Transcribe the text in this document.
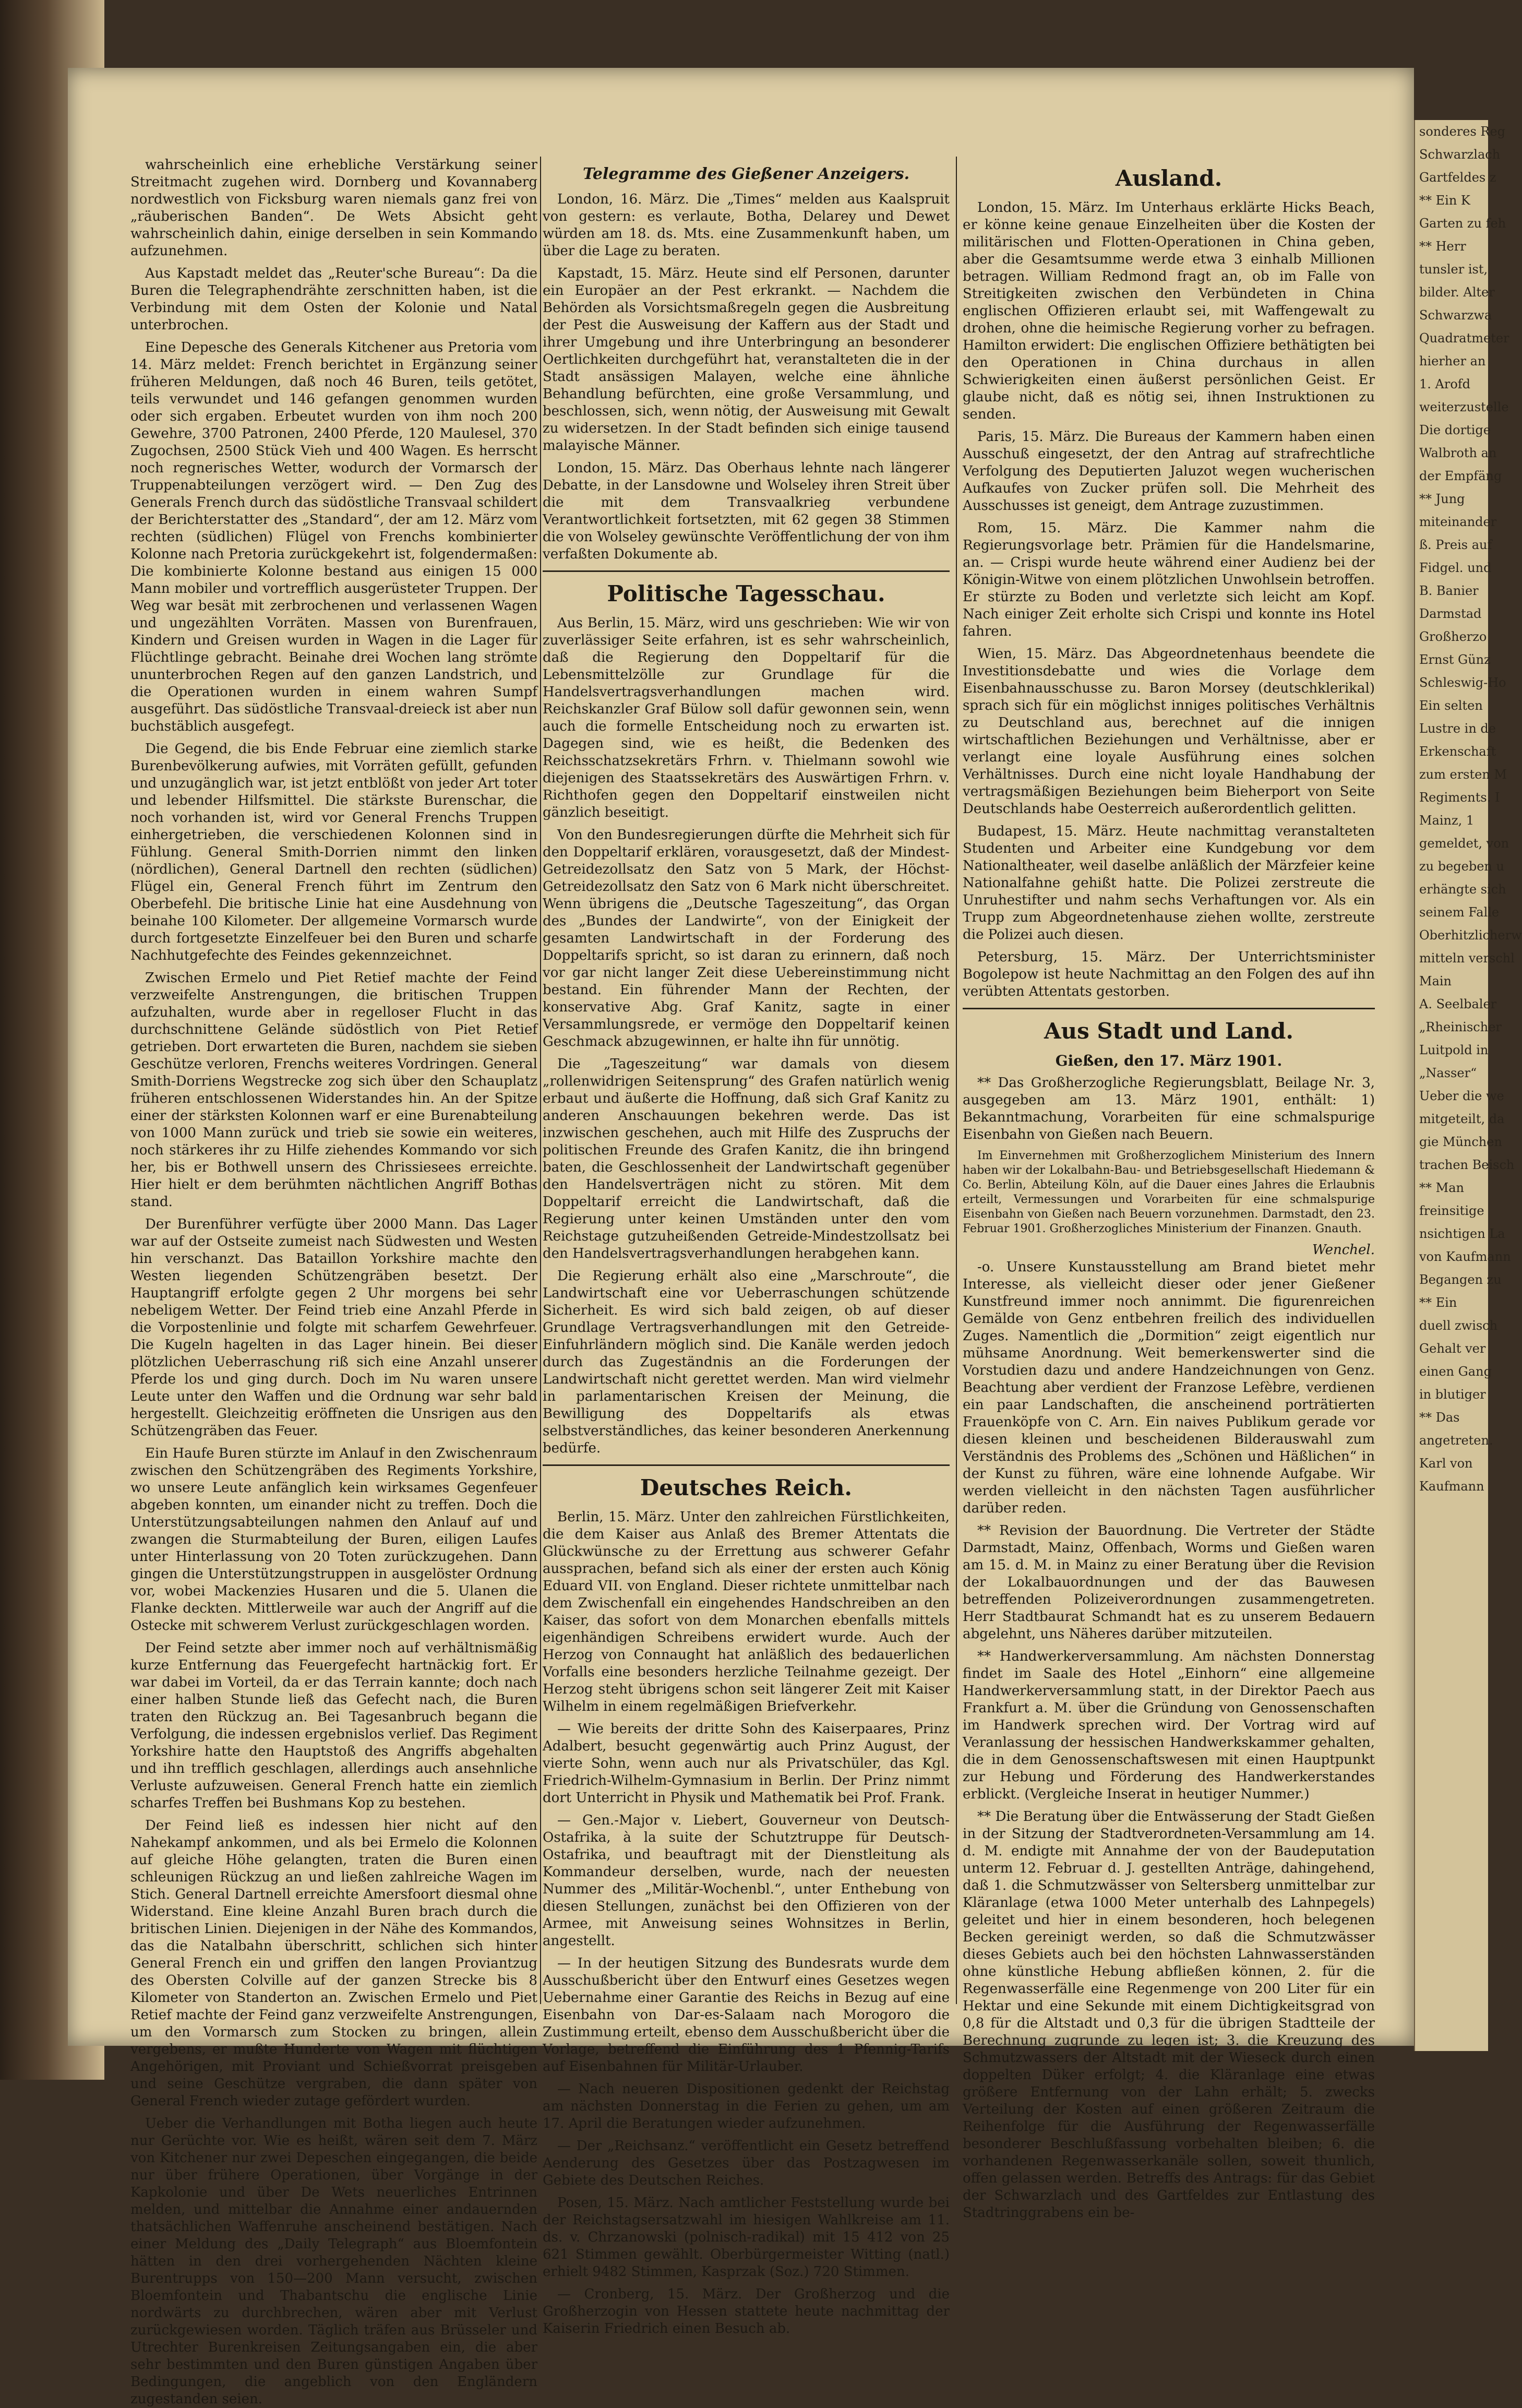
wahrscheinlich eine erhebliche Verstärkung seiner Streitmacht zugehen wird. Dornberg und Kovannaberg nordwestlich von Ficksburg waren niemals ganz frei von „räuberischen Banden“. De Wets Absicht geht wahrscheinlich dahin, einige derselben in sein Kommando aufzunehmen.

Aus Kapstadt meldet das „Reuter'sche Bureau“: Da die Buren die Telegraphendrähte zerschnitten haben, ist die Verbindung mit dem Osten der Kolonie und Natal unterbrochen.

Eine Depesche des Generals Kitchener aus Pretoria vom 14. März meldet: French berichtet in Ergänzung seiner früheren Meldungen, daß noch 46 Buren, teils getötet, teils verwundet und 146 gefangen genommen wurden oder sich ergaben. Erbeutet wurden von ihm noch 200 Gewehre, 3700 Patronen, 2400 Pferde, 120 Maulesel, 370 Zugochsen, 2500 Stück Vieh und 400 Wagen. Es herrscht noch regnerisches Wetter, wodurch der Vormarsch der Truppenabteilungen verzögert wird. — Den Zug des Generals French durch das südöstliche Transvaal schildert der Berichterstatter des „Standard“, der am 12. März vom rechten (südlichen) Flügel von Frenchs kombinierter Kolonne nach Pretoria zurückgekehrt ist, folgendermaßen: Die kombinierte Kolonne bestand aus einigen 15 000 Mann mobiler und vortrefflich ausgerüsteter Truppen. Der Weg war besät mit zerbrochenen und verlassenen Wagen und ungezählten Vorräten. Massen von Burenfrauen, Kindern und Greisen wurden in Wagen in die Lager für Flüchtlinge gebracht. Beinahe drei Wochen lang strömte ununterbrochen Regen auf den ganzen Landstrich, und die Operationen wurden in einem wahren Sumpf ausgeführt. Das südöstliche Transvaal-dreieck ist aber nun buchstäblich ausgefegt.

Die Gegend, die bis Ende Februar eine ziemlich starke Burenbevölkerung aufwies, mit Vorräten gefüllt, gefunden und unzugänglich war, ist jetzt entblößt von jeder Art toter und lebender Hilfsmittel. Die stärkste Burenschar, die noch vorhanden ist, wird vor General Frenchs Truppen einhergetrieben, die verschiedenen Kolonnen sind in Fühlung. General Smith-Dorrien nimmt den linken (nördlichen), General Dartnell den rechten (südlichen) Flügel ein, General French führt im Zentrum den Oberbefehl. Die britische Linie hat eine Ausdehnung von beinahe 100 Kilometer. Der allgemeine Vormarsch wurde durch fortgesetzte Einzelfeuer bei den Buren und scharfe Nachhutgefechte des Feindes gekennzeichnet.

Zwischen Ermelo und Piet Retief machte der Feind verzweifelte Anstrengungen, die britischen Truppen aufzuhalten, wurde aber in regelloser Flucht in das durchschnittene Gelände südöstlich von Piet Retief getrieben. Dort erwarteten die Buren, nachdem sie sieben Geschütze verloren, Frenchs weiteres Vordringen. General Smith-Dorriens Wegstrecke zog sich über den Schauplatz früheren entschlossenen Widerstandes hin. An der Spitze einer der stärksten Kolonnen warf er eine Burenabteilung von 1000 Mann zurück und trieb sie sowie ein weiteres, noch stärkeres ihr zu Hilfe ziehendes Kommando vor sich her, bis er Bothwell unsern des Chrissiesees erreichte. Hier hielt er dem berühmten nächtlichen Angriff Bothas stand.

Der Burenführer verfügte über 2000 Mann. Das Lager war auf der Ostseite zumeist nach Südwesten und Westen hin verschanzt. Das Bataillon Yorkshire machte den Westen liegenden Schützengräben besetzt. Der Hauptangriff erfolgte gegen 2 Uhr morgens bei sehr nebeligem Wetter. Der Feind trieb eine Anzahl Pferde in die Vorpostenlinie und folgte mit scharfem Gewehrfeuer. Die Kugeln hagelten in das Lager hinein. Bei dieser plötzlichen Ueberraschung riß sich eine Anzahl unserer Pferde los und ging durch. Doch im Nu waren unsere Leute unter den Waffen und die Ordnung war sehr bald hergestellt. Gleichzeitig eröffneten die Unsrigen aus den Schützengräben das Feuer.

Ein Haufe Buren stürzte im Anlauf in den Zwischenraum zwischen den Schützengräben des Regiments Yorkshire, wo unsere Leute anfänglich kein wirksames Gegenfeuer abgeben konnten, um einander nicht zu treffen. Doch die Unterstützungsabteilungen nahmen den Anlauf auf und zwangen die Sturmabteilung der Buren, eiligen Laufes unter Hinterlassung von 20 Toten zurückzugehen. Dann gingen die Unterstützungstruppen in ausgelöster Ordnung vor, wobei Mackenzies Husaren und die 5. Ulanen die Flanke deckten. Mittlerweile war auch der Angriff auf die Ostecke mit schwerem Verlust zurückgeschlagen worden.

Der Feind setzte aber immer noch auf verhältnismäßig kurze Entfernung das Feuergefecht hartnäckig fort. Er war dabei im Vorteil, da er das Terrain kannte; doch nach einer halben Stunde ließ das Gefecht nach, die Buren traten den Rückzug an. Bei Tagesanbruch begann die Verfolgung, die indessen ergebnislos verlief. Das Regiment Yorkshire hatte den Hauptstoß des Angriffs abgehalten und ihn trefflich geschlagen, allerdings auch ansehnliche Verluste aufzuweisen. General French hatte ein ziemlich scharfes Treffen bei Bushmans Kop zu bestehen.

Der Feind ließ es indessen hier nicht auf den Nahekampf ankommen, und als bei Ermelo die Kolonnen auf gleiche Höhe gelangten, traten die Buren einen schleunigen Rückzug an und ließen zahlreiche Wagen im Stich. General Dartnell erreichte Amersfoort diesmal ohne Widerstand. Eine kleine Anzahl Buren brach durch die britischen Linien. Diejenigen in der Nähe des Kommandos, das die Natalbahn überschritt, schlichen sich hinter General French ein und griffen den langen Proviantzug des Obersten Colville auf der ganzen Strecke bis 8 Kilometer von Standerton an. Zwischen Ermelo und Piet Retief machte der Feind ganz verzweifelte Anstrengungen, um den Vormarsch zum Stocken zu bringen, allein vergebens, er mußte Hunderte von Wagen mit flüchtigen Angehörigen, mit Proviant und Schießvorrat preisgeben und seine Geschütze vergraben, die dann später von General French wieder zutage gefördert wurden.

Ueber die Verhandlungen mit Botha liegen auch heute nur Gerüchte vor. Wie es heißt, wären seit dem 7. März von Kitchener nur zwei Depeschen eingegangen, die beide nur über frühere Operationen, über Vorgänge in der Kapkolonie und über De Wets neuerliches Entrinnen melden, und mittelbar die Annahme einer andauernden thatsächlichen Waffenruhe anscheinend bestätigen. Nach einer Meldung des „Daily Telegraph“ aus Bloemfontein hätten in den drei vorhergehenden Nächten kleine Burentrupps von 150—200 Mann versucht, zwischen Bloemfontein und Thabantschu die englische Linie nordwärts zu durchbrechen, wären aber mit Verlust zurückgewiesen worden. Täglich träfen aus Brüsseler und Utrechter Burenkreisen Zeitungsangaben ein, die aber sehr bestimmten und den Buren günstigen Angaben über Bedingungen, die angeblich von den Engländern zugestanden seien.

Telegramme des Gießener Anzeigers.

London, 16. März. Die „Times“ melden aus Kaalspruit von gestern: es verlaute, Botha, Delarey und Dewet würden am 18. ds. Mts. eine Zusammenkunft haben, um über die Lage zu beraten.

Kapstadt, 15. März. Heute sind elf Personen, darunter ein Europäer an der Pest erkrankt. — Nachdem die Behörden als Vorsichtsmaßregeln gegen die Ausbreitung der Pest die Ausweisung der Kaffern aus der Stadt und ihrer Umgebung und ihre Unterbringung an besonderer Oertlichkeiten durchgeführt hat, veranstalteten die in der Stadt ansässigen Malayen, welche eine ähnliche Behandlung befürchten, eine große Versammlung, und beschlossen, sich, wenn nötig, der Ausweisung mit Gewalt zu widersetzen. In der Stadt befinden sich einige tausend malayische Männer.

London, 15. März. Das Oberhaus lehnte nach längerer Debatte, in der Lansdowne und Wolseley ihren Streit über die mit dem Transvaalkrieg verbundene Verantwortlichkeit fortsetzten, mit 62 gegen 38 Stimmen die von Wolseley gewünschte Veröffentlichung der von ihm verfaßten Dokumente ab.

Politische Tagesschau.

Aus Berlin, 15. März, wird uns geschrieben: Wie wir von zuverlässiger Seite erfahren, ist es sehr wahrscheinlich, daß die Regierung den Doppeltarif für die Lebensmittelzölle zur Grundlage für die Handelsvertragsverhandlungen machen wird. Reichskanzler Graf Bülow soll dafür gewonnen sein, wenn auch die formelle Entscheidung noch zu erwarten ist. Dagegen sind, wie es heißt, die Bedenken des Reichsschatzsekretärs Frhrn. v. Thielmann sowohl wie diejenigen des Staatssekretärs des Auswärtigen Frhrn. v. Richthofen gegen den Doppeltarif einstweilen nicht gänzlich beseitigt.

Von den Bundesregierungen dürfte die Mehrheit sich für den Doppeltarif erklären, vorausgesetzt, daß der Mindest-Getreidezollsatz den Satz von 5 Mark, der Höchst-Getreidezollsatz den Satz von 6 Mark nicht überschreitet. Wenn übrigens die „Deutsche Tageszeitung“, das Organ des „Bundes der Landwirte“, von der Einigkeit der gesamten Landwirtschaft in der Forderung des Doppeltarifs spricht, so ist daran zu erinnern, daß noch vor gar nicht langer Zeit diese Uebereinstimmung nicht bestand. Ein führender Mann der Rechten, der konservative Abg. Graf Kanitz, sagte in einer Versammlungsrede, er vermöge den Doppeltarif keinen Geschmack abzugewinnen, er halte ihn für unnötig.

Die „Tageszeitung“ war damals von diesem „rollenwidrigen Seitensprung“ des Grafen natürlich wenig erbaut und äußerte die Hoffnung, daß sich Graf Kanitz zu anderen Anschauungen bekehren werde. Das ist inzwischen geschehen, auch mit Hilfe des Zuspruchs der politischen Freunde des Grafen Kanitz, die ihn bringend baten, die Geschlossenheit der Landwirtschaft gegenüber den Handelsverträgen nicht zu stören. Mit dem Doppeltarif erreicht die Landwirtschaft, daß die Regierung unter keinen Umständen unter den vom Reichstage gutzuheißenden Getreide-Mindestzollsatz bei den Handelsvertragsverhandlungen herabgehen kann.

Die Regierung erhält also eine „Marschroute“, die Landwirtschaft eine vor Ueberraschungen schützende Sicherheit. Es wird sich bald zeigen, ob auf dieser Grundlage Vertragsverhandlungen mit den Getreide-Einfuhrländern möglich sind. Die Kanäle werden jedoch durch das Zugeständnis an die Forderungen der Landwirtschaft nicht gerettet werden. Man wird vielmehr in parlamentarischen Kreisen der Meinung, die Bewilligung des Doppeltarifs als etwas selbstverständliches, das keiner besonderen Anerkennung bedürfe.

Deutsches Reich.

Berlin, 15. März. Unter den zahlreichen Fürstlichkeiten, die dem Kaiser aus Anlaß des Bremer Attentats die Glückwünsche zu der Errettung aus schwerer Gefahr aussprachen, befand sich als einer der ersten auch König Eduard VII. von England. Dieser richtete unmittelbar nach dem Zwischenfall ein eingehendes Handschreiben an den Kaiser, das sofort von dem Monarchen ebenfalls mittels eigenhändigen Schreibens erwidert wurde. Auch der Herzog von Connaught hat anläßlich des bedauerlichen Vorfalls eine besonders herzliche Teilnahme gezeigt. Der Herzog steht übrigens schon seit längerer Zeit mit Kaiser Wilhelm in einem regelmäßigen Briefverkehr.

— Wie bereits der dritte Sohn des Kaiserpaares, Prinz Adalbert, besucht gegenwärtig auch Prinz August, der vierte Sohn, wenn auch nur als Privatschüler, das Kgl. Friedrich-Wilhelm-Gymnasium in Berlin. Der Prinz nimmt dort Unterricht in Physik und Mathematik bei Prof. Frank.

— Gen.-Major v. Liebert, Gouverneur von Deutsch-Ostafrika, à la suite der Schutztruppe für Deutsch-Ostafrika, und beauftragt mit der Dienstleitung als Kommandeur derselben, wurde, nach der neuesten Nummer des „Militär-Wochenbl.“, unter Enthebung von diesen Stellungen, zunächst bei den Offizieren von der Armee, mit Anweisung seines Wohnsitzes in Berlin, angestellt.

— In der heutigen Sitzung des Bundesrats wurde dem Ausschußbericht über den Entwurf eines Gesetzes wegen Uebernahme einer Garantie des Reichs in Bezug auf eine Eisenbahn von Dar-es-Salaam nach Morogoro die Zustimmung erteilt, ebenso dem Ausschußbericht über die Vorlage, betreffend die Einführung des 1 Pfennig-Tarifs auf Eisenbahnen für Militär-Urlauber.

— Nach neueren Dispositionen gedenkt der Reichstag am nächsten Donnerstag in die Ferien zu gehen, um am 17. April die Beratungen wieder aufzunehmen.

— Der „Reichsanz.“ veröffentlicht ein Gesetz betreffend Aenderung des Gesetzes über das Postzagwesen im Gebiete des Deutschen Reiches.

Posen, 15. März. Nach amtlicher Feststellung wurde bei der Reichstagsersatzwahl im hiesigen Wahlkreise am 11. ds. v. Chrzanowski (polnisch-radikal) mit 15 412 von 25 621 Stimmen gewählt. Oberbürgermeister Witting (natl.) erhielt 9482 Stimmen, Kasprzak (Soz.) 720 Stimmen.

— Cronberg, 15. März. Der Großherzog und die Großherzogin von Hessen stattete heute nachmittag der Kaiserin Friedrich einen Besuch ab.

Ausland.

London, 15. März. Im Unterhaus erklärte Hicks Beach, er könne keine genaue Einzelheiten über die Kosten der militärischen und Flotten-Operationen in China geben, aber die Gesamtsumme werde etwa 3 einhalb Millionen betragen. William Redmond fragt an, ob im Falle von Streitigkeiten zwischen den Verbündeten in China englischen Offizieren erlaubt sei, mit Waffengewalt zu drohen, ohne die heimische Regierung vorher zu befragen. Hamilton erwidert: Die englischen Offiziere bethätigten bei den Operationen in China durchaus in allen Schwierigkeiten einen äußerst persönlichen Geist. Er glaube nicht, daß es nötig sei, ihnen Instruktionen zu senden.

Paris, 15. März. Die Bureaus der Kammern haben einen Ausschuß eingesetzt, der den Antrag auf strafrechtliche Verfolgung des Deputierten Jaluzot wegen wucherischen Aufkaufes von Zucker prüfen soll. Die Mehrheit des Ausschusses ist geneigt, dem Antrage zuzustimmen.

Rom, 15. März. Die Kammer nahm die Regierungsvorlage betr. Prämien für die Handelsmarine, an. — Crispi wurde heute während einer Audienz bei der Königin-Witwe von einem plötzlichen Unwohlsein betroffen. Er stürzte zu Boden und verletzte sich leicht am Kopf. Nach einiger Zeit erholte sich Crispi und konnte ins Hotel fahren.

Wien, 15. März. Das Abgeordnetenhaus beendete die Investitionsdebatte und wies die Vorlage dem Eisenbahnausschusse zu. Baron Morsey (deutschklerikal) sprach sich für ein möglichst inniges politisches Verhältnis zu Deutschland aus, berechnet auf die innigen wirtschaftlichen Beziehungen und Verhältnisse, aber er verlangt eine loyale Ausführung eines solchen Verhältnisses. Durch eine nicht loyale Handhabung der vertragsmäßigen Beziehungen beim Bieherport von Seite Deutschlands habe Oesterreich außerordentlich gelitten.

Budapest, 15. März. Heute nachmittag veranstalteten Studenten und Arbeiter eine Kundgebung vor dem Nationaltheater, weil daselbe anläßlich der Märzfeier keine Nationalfahne gehißt hatte. Die Polizei zerstreute die Unruhestifter und nahm sechs Verhaftungen vor. Als ein Trupp zum Abgeordnetenhause ziehen wollte, zerstreute die Polizei auch diesen.

Petersburg, 15. März. Der Unterrichtsminister Bogolepow ist heute Nachmittag an den Folgen des auf ihn verübten Attentats gestorben.

Aus Stadt und Land.
Gießen, den 17. März 1901.

** Das Großherzogliche Regierungsblatt, Beilage Nr. 3, ausgegeben am 13. März 1901, enthält: 1) Bekanntmachung, Vorarbeiten für eine schmalspurige Eisenbahn von Gießen nach Beuern.

Im Einvernehmen mit Großherzoglichem Ministerium des Innern haben wir der Lokalbahn-Bau- und Betriebsgesellschaft Hiedemann & Co. Berlin, Abteilung Köln, auf die Dauer eines Jahres die Erlaubnis erteilt, Vermessungen und Vorarbeiten für eine schmalspurige Eisenbahn von Gießen nach Beuern vorzunehmen. Darmstadt, den 23. Februar 1901. Großherzogliches Ministerium der Finanzen. Gnauth.

Wenchel.

-o. Unsere Kunstausstellung am Brand bietet mehr Interesse, als vielleicht dieser oder jener Gießener Kunstfreund immer noch annimmt. Die figurenreichen Gemälde von Genz entbehren freilich des individuellen Zuges. Namentlich die „Dormition“ zeigt eigentlich nur mühsame Anordnung. Weit bemerkenswerter sind die Vorstudien dazu und andere Handzeichnungen von Genz. Beachtung aber verdient der Franzose Lefèbre, verdienen ein paar Landschaften, die anscheinend porträtierten Frauenköpfe von C. Arn. Ein naives Publikum gerade vor diesen kleinen und bescheidenen Bilderauswahl zum Verständnis des Problems des „Schönen und Häßlichen“ in der Kunst zu führen, wäre eine lohnende Aufgabe. Wir werden vielleicht in den nächsten Tagen ausführlicher darüber reden.

** Revision der Bauordnung. Die Vertreter der Städte Darmstadt, Mainz, Offenbach, Worms und Gießen waren am 15. d. M. in Mainz zu einer Beratung über die Revision der Lokalbauordnungen und der das Bauwesen betreffenden Polizeiverordnungen zusammengetreten. Herr Stadtbaurat Schmandt hat es zu unserem Bedauern abgelehnt, uns Näheres darüber mitzuteilen.

** Handwerkerversammlung. Am nächsten Donnerstag findet im Saale des Hotel „Einhorn“ eine allgemeine Handwerkerversammlung statt, in der Direktor Paech aus Frankfurt a. M. über die Gründung von Genossenschaften im Handwerk sprechen wird. Der Vortrag wird auf Veranlassung der hessischen Handwerkskammer gehalten, die in dem Genossenschaftswesen mit einen Hauptpunkt zur Hebung und Förderung des Handwerkerstandes erblickt. (Vergleiche Inserat in heutiger Nummer.)

** Die Beratung über die Entwässerung der Stadt Gießen in der Sitzung der Stadtverordneten-Versammlung am 14. d. M. endigte mit Annahme der von der Baudeputation unterm 12. Februar d. J. gestellten Anträge, dahingehend, daß 1. die Schmutzwässer von Seltersberg unmittelbar zur Kläranlage (etwa 1000 Meter unterhalb des Lahnpegels) geleitet und hier in einem besonderen, hoch belegenen Becken gereinigt werden, so daß die Schmutzwässer dieses Gebiets auch bei den höchsten Lahnwasserständen ohne künstliche Hebung abfließen können, 2. für die Regenwasserfälle eine Regenmenge von 200 Liter für ein Hektar und eine Sekunde mit einem Dichtigkeitsgrad von 0,8 für die Altstadt und 0,3 für die übrigen Stadtteile der Berechnung zugrunde zu legen ist; 3. die Kreuzung des Schmutzwassers der Altstadt mit der Wieseck durch einen doppelten Düker erfolgt; 4. die Kläranlage eine etwas größere Entfernung von der Lahn erhält; 5. zwecks Verteilung der Kosten auf einen größeren Zeitraum die Reihenfolge für die Ausführung der Regenwasserfälle besonderer Beschlußfassung vorbehalten bleiben; 6. die vorhandenen Regenwasserkanäle sollen, soweit thunlich, offen gelassen werden. Betreffs des Antrags: für das Gebiet der Schwarzlach und des Gartfeldes zur Entlastung des Stadtringgrabens ein be-

sonderes Reg
Schwarzlach
Gartfeldes z
** Ein K
Garten zu feh
** Herr
tunsler ist,
bilder. Alter
Schwarzwa
Quadratmeter
hierher an
1. Arofd
weiterzustelle
Die dortige
Walbroth an
der Empfäng
** Jung
miteinander
ß. Preis auf
Fidgel. und
B. Banier
Darmstad
Großherzo
Ernst Günz
Schleswig-Ho
Ein selten
Lustre in de
Erkenschaft
zum ersten M
Regiments. I
Mainz, 1
gemeldet, von
zu begeben u
erhängte sich
seinem Falle
Oberhitzlicherw
mitteln verschl
Main
A. Seelbaler
„Rheinischer
Luitpold in
„Nasser“
Ueber die we
mitgeteilt, da
gie München
trachen Beisch
** Man
freinsitige
nsichtigen La
von Kaufmann
Begangen zu
** Ein
duell zwisch
Gehalt ver
einen Gang
in blutiger
** Das
angetreten.
Karl von
Kaufmann
